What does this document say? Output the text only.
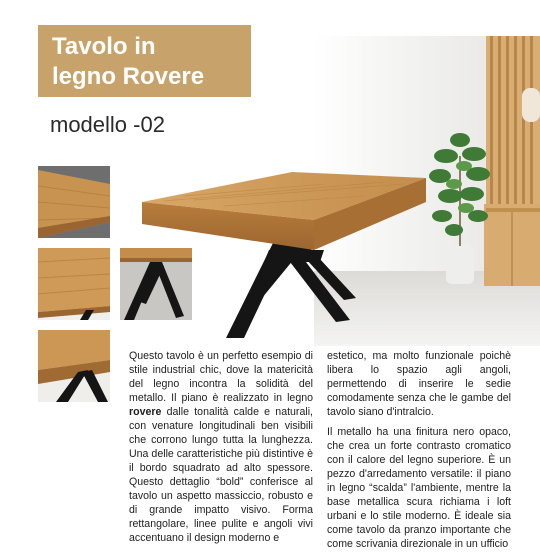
Tavolo in
legno Rovere
modello -02

Questo tavolo è un perfetto esempio di stile industrial chic, dove la matericità del legno incontra la solidità del metallo. Il piano è realizzato in legno rovere dalle tonalità calde e naturali, con venature longitudinali ben visibili che corrono lungo tutta la lunghezza. Una delle caratteristiche più distintive è il bordo squadrato ad alto spessore. Questo dettaglio “bold” conferisce al tavolo un aspetto massiccio, robusto e di grande impatto visivo. Forma rettangolare, linee pulite e angoli vivi accentuano il design moderno e

estetico, ma molto funzionale poichè libera lo spazio agli angoli, permettendo di inserire le sedie comodamente senza che le gambe del tavolo siano d'intralcio.

Il metallo ha una finitura nero opaco, che crea un forte contrasto cromatico con il calore del legno superiore. È un pezzo d'arredamento versatile: il piano in legno “scalda” l'ambiente, mentre la base metallica scura richiama i loft urbani e lo stile moderno. È ideale sia come tavolo da pranzo importante che come scrivania direzionale in un ufficio
